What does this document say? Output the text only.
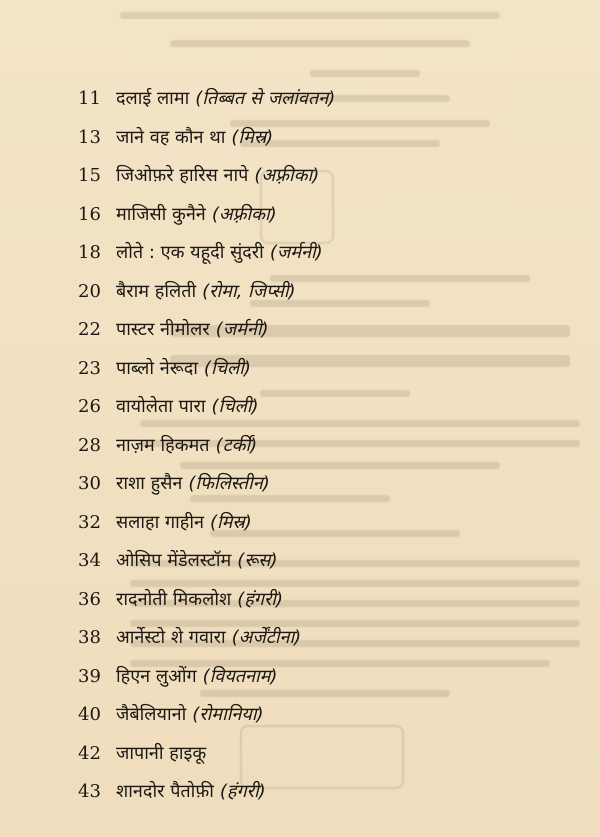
11 दलाई लामा (तिब्बत से जलांवतन)
13 जाने वह कौन था (मिस्र)
15 जिओफ़रे हारिस नापे (अफ़्रीका)
16 माजिसी कुनैने (अफ़्रीका)
18 लोते : एक यहूदी सुंदरी (जर्मनी)
20 बैराम हलिती (रोमा, जिप्सी)
22 पास्टर नीमोलर (जर्मनी)
23 पाब्लो नेरूदा (चिली)
26 वायोलेता पारा (चिली)
28 नाज़म हिकमत (टर्की)
30 राशा हुसैन (फिलिस्तीन)
32 सलाहा गाहीन (मिस्र)
34 ओसिप मेंडेलस्टॉम (रूस)
36 रादनोती मिकलोश (हंगरी)
38 आर्नेस्टो शे गवारा (अर्जेंटीना)
39 हिएन लुओंग (वियतनाम)
40 जैबेलियानो (रोमानिया)
42 जापानी हाइकू
43 शानदोर पैतोफ़ी (हंगरी)
